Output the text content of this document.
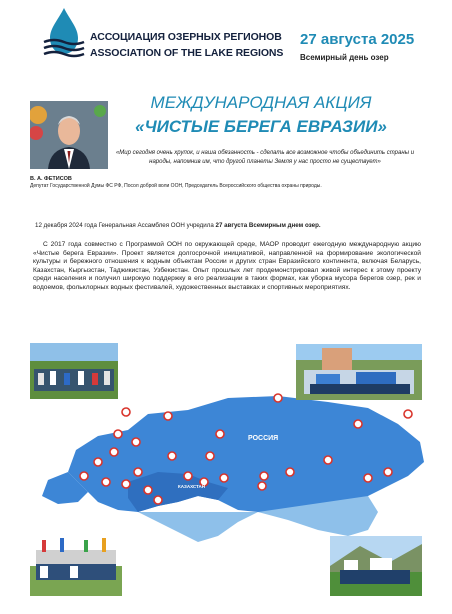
АССОЦИАЦИЯ ОЗЕРНЫХ РЕГИОНОВ
ASSOCIATION OF THE LAKE REGIONS
27 августа 2025
Всемирный день озер
МЕЖДУНАРОДНАЯ АКЦИЯ
«ЧИСТЫЕ БЕРЕГА ЕВРАЗИИ»
«Мир сегодня очень хрупок, и наша обязанность - сделать все возможное чтобы объединить страны и народы, напомнив им, что другой планеты Земля у нас просто не существует»
В. А. ФЕТИСОВ
Депутат Государственной Думы ФС РФ, Посол доброй воли ООН, Председатель Всероссийского общества охраны природы.
12 декабря 2024 года Генеральная Ассамблея ООН учредила 27 августа Всемирным днем озер.
С 2017 года совместно с Программой ООН по окружающей среде, МАОР проводит ежегодную международную акцию «Чистые берега Евразии». Проект является долгосрочной инициативой, направленной на формирование экологической культуры и бережного отношения к водным объектам России и других стран Евразийского континента, включая Беларусь, Казахстан, Кыргызстан, Таджикистан, Узбекистан. Опыт прошлых лет продемонстрировал живой интерес к этому проекту среди населения и получил широкую поддержку в его реализации в таких формах, как уборка мусора берегов озер, рек и водоемов, фольклорных водных фестивалей, художественных выставках и спортивных мероприятиях.
РОССИЯ
КАЗАХСТАН
КИТАЙ
TURKEY
IRAN
